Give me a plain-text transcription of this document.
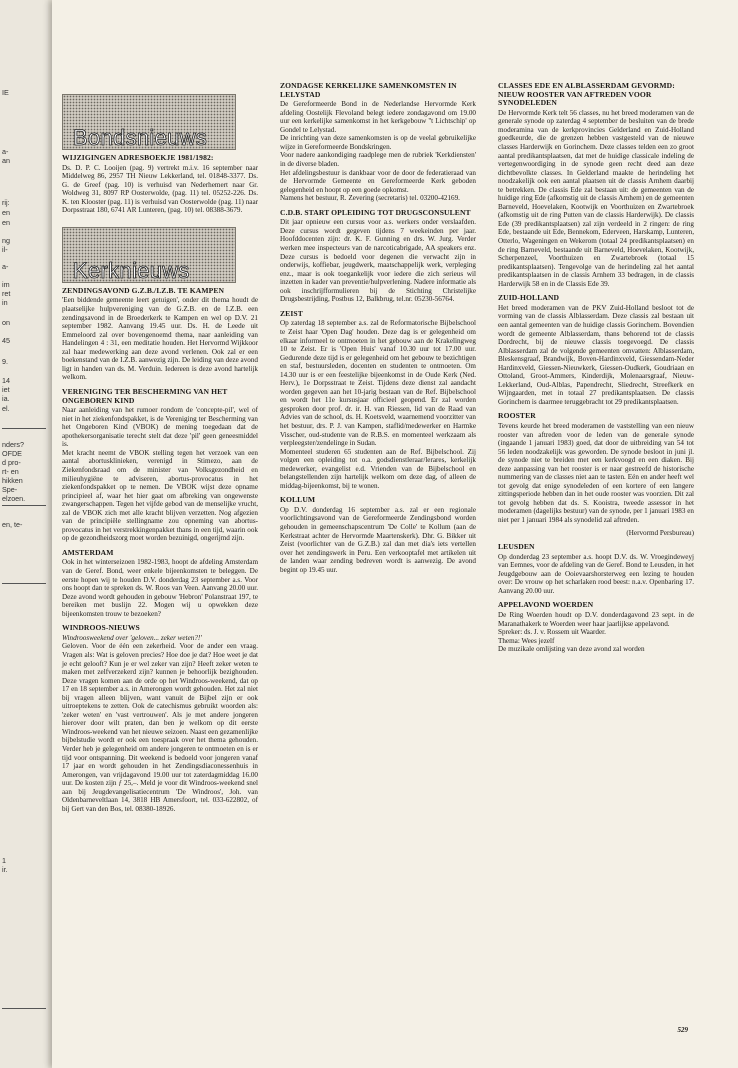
IE
a-
an
rij:
en
en
ng
il-
a-
im
ret
in
on
45
9.
14
iet
ia.
el.
nders?
OFDE
d pro-
rt- en
hikken
Spe-
elzoen.
en, te-
1
ir.
Bondsnieuws
WIJZIGINGEN ADRESBOEKJE 1981/1982:

Ds. D. P. C. Looijen (pag. 9) vertrekt m.i.v. 16 september naar Middelweg 86, 2957 TH Nieuw Lekkerland, tel. 01848-3377. Ds. G. de Greef (pag. 10) is verhuisd van Nederhemert naar Gr. Woldweg 31, 8097 RP Oosterwolde, (pag. 11) tel. 05252-226. Ds. K. ten Klooster (pag. 11) is verhuisd van Oosterwolde (pag. 11) naar Dorpsstraat 180, 6741 AR Lunteren, (pag. 10) tel. 08388-3679.

Kerknieuws
ZENDINGSAVOND G.Z.B./I.Z.B. TE KAMPEN

'Een biddende gemeente leert getuigen', onder dit thema houdt de plaatselijke hulpvereniging van de G.Z.B. en de I.Z.B. een zendingsavond in de Broederkerk te Kampen en wel op D.V. 21 september 1982. Aanvang 19.45 uur. Ds. H. de Leede uit Emmeloord zal over bovengenoemd thema, naar aanleiding van Handelingen 4 : 31, een meditatie houden. Het Hervormd Wijkkoor zal haar medewerking aan deze avond verlenen. Ook zal er een boekenstand van de I.Z.B. aanwezig zijn. De leiding van deze avond ligt in handen van ds. M. Verduin. Iedereen is deze avond hartelijk welkom.

VERENIGING TER BESCHERMING VAN HET ONGEBOREN KIND

Naar aanleiding van het rumoer rondom de 'concepte-pil', wel of niet in het ziekenfondspakket, is de Vereniging ter Bescherming van het Ongeboren Kind (VBOK) de mening toegedaan dat de apothekersorganisatie terecht stelt dat deze 'pil' geen geneesmiddel is.

Met kracht neemt de VBOK stelling tegen het verzoek van een aantal abortusklinieken, verenigd in Stimezo, aan de Ziekenfondsraad om de minister van Volksgezondheid en milieuhygiëne te adviseren, abortus-provocatus in het ziekenfondspakket op te nemen. De VBOK wijst deze opname principieel af, waar het hier gaat om afbreking van ongewenste zwangerschappen. Tegen het vijfde gebod van de menselijke vrucht, zal de VBOK zich met alle kracht blijven verzetten. Nog afgezien van de principiële stellingname zou opneming van abortus-provocatus in het verstrekkingenpakket thans in een tijd, waarin ook op de gezondheidszorg moet worden bezuinigd, ongerijmd zijn.

AMSTERDAM

Ook in het winterseizoen 1982-1983, hoopt de afdeling Amsterdam van de Geref. Bond, weer enkele bijeenkomsten te beleggen. De eerste hopen wij te houden D.V. donderdag 23 september a.s. Voor ons hoopt dan te spreken ds. W. Roos van Veen. Aanvang 20.00 uur. Deze avond wordt gehouden in gebouw 'Hebron' Polanstraat 197, te bereiken met buslijn 22. Mogen wij u opwekken deze bijeenkomsten trouw te bezoeken?

WINDROOS-NIEUWS

Windroosweekend over 'geloven... zeker weten?!'

Geloven. Voor de één een zekerheid. Voor de ander een vraag. Vragen als: Wat is geloven precies? Hoe doe je dat? Hoe weet je dat je echt gelooft? Kun je er wel zeker van zijn? Heeft zeker weten te maken met zelfverzekerd zijn? kunnen je behoorlijk bezighouden. Deze vragen komen aan de orde op het Windroos-weekend, dat op 17 en 18 september a.s. in Amerongen wordt gehouden. Het zal niet bij vragen alleen blijven, want vanuit de Bijbel zijn er ook uitroeptekens te zetten. Ook de catechismus gebruikt woorden als: 'zeker weten' en 'vast vertrouwen'. Als je met andere jongeren hierover door wilt praten, dan ben je welkom op dit eerste Windroos-weekend van het nieuwe seizoen. Naast een gezamenlijke bijbelstudie wordt er ook een toespraak over het thema gehouden. Verder heb je gelegenheid om andere jongeren te ontmoeten en is er tijd voor ontspanning. Dit weekend is bedoeld voor jongeren vanaf 17 jaar en wordt gehouden in het Zendingsdiaconessenhuis in Amerongen, van vrijdagavond 19.00 uur tot zaterdagmiddag 16.00 uur. De kosten zijn ƒ 25,–. Meld je voor dit Windroos-weekend snel aan bij Jeugdevangelisatiecentrum 'De Windroos', Joh. van Oldenbarneveltlaan 14, 3818 HB Amersfoort, tel. 033-622802, of bij Gert van den Bos, tel. 08380-18926.

ZONDAGSE KERKELIJKE SAMENKOMSTEN IN LELYSTAD

De Gereformeerde Bond in de Nederlandse Hervormde Kerk afdeling Oostelijk Flevoland belegt iedere zondagavond om 19.00 uur een kerkelijke samenkomst in het kerkgebouw ''t Lichtschip' op Gondel te Lelystad.

De inrichting van deze samenkomsten is op de veelal gebruikelijke wijze in Gereformeerde Bondskringen.

Voor nadere aankondiging raadplege men de rubriek 'Kerkdiensten' in de diverse bladen.

Het afdelingsbestuur is dankbaar voor de door de federatieraad van de Hervormde Gemeente en Gereformeerde Kerk geboden gelegenheid en hoopt op een goede opkomst.

Namens het bestuur, R. Zevering (secretaris) tel. 03200-42169.

C.D.B. START OPLEIDING TOT DRUGSCONSULENT

Dit jaar opnieuw een cursus voor a.s. werkers onder verslaafden. Deze cursus wordt gegeven tijdens 7 weekeinden per jaar. Hoofddocenten zijn: dr. K. F. Gunning en drs. W. Jurg. Verder werken mee inspecteurs van de narcoticabrigade, AA speakers enz. Deze cursus is bedoeld voor degenen die verwacht zijn in onderwijs, koffiebar, jeugdwerk, maatschappelijk werk, verpleging enz., maar is ook toegankelijk voor iedere die zich serieus wil inzetten in kader van preventie/hulpverlening. Nadere informatie als ook inschrijfformulieren bij de Stichting Christelijke Drugsbestrijding, Postbus 12, Balkbrug, tel.nr. 05230-56764.

ZEIST

Op zaterdag 18 september a.s. zal de Reformatorische Bijbelschool te Zeist haar 'Open Dag' houden. Deze dag is er gelegenheid om elkaar informeel te ontmoeten in het gebouw aan de Krakelingweg 10 te Zeist. Er is 'Open Huis' vanaf 10.30 uur tot 17.00 uur. Gedurende deze tijd is er gelegenheid om het gebouw te bezichtigen en staf, bestuursleden, docenten en studenten te ontmoeten. Om 14.30 uur is er een feestelijke bijeenkomst in de Oude Kerk (Ned. Herv.), 1e Dorpsstraat te Zeist. Tijdens deze dienst zal aandacht worden gegeven aan het 10-jarig bestaan van de Ref. Bijbelschool en wordt het 11e kursusjaar officieel geopend. Er zal worden gesproken door prof. dr. ir. H. van Riessen, lid van de Raad van Advies van de school, ds. H. Koetsveld, waarnemend voorzitter van het bestuur, drs. P. J. van Kampen, staflid/medewerker en Harmke Visscher, oud-studente van de R.B.S. en momenteel werkzaam als verpleegster/zendelinge in Sudan.

Momenteel studeren 65 studenten aan de Ref. Bijbelschool. Zij volgen een opleiding tot o.a. godsdienstleraar/lerares, kerkelijk medewerker, evangelist e.d. Vrienden van de Bijbelschool en belangstellenden zijn hartelijk welkom om deze dag, of alleen de middag-bijeenkomst, bij te wonen.

KOLLUM

Op D.V. donderdag 16 september a.s. zal er een regionale voorlichtingsavond van de Gereformeerde Zendingsbond worden gehouden in gemeenschapscentrum 'De Colle' te Kollum (aan de Kerkstraat achter de Hervormde Maartenskerk). Dhr. G. Bikker uit Zeist (voorlichter van de G.Z.B.) zal dan met dia's iets vertellen over het zendingswerk in Peru. Een verkooptafel met artikelen uit de landen waar zending bedreven wordt is aanwezig. De avond begint op 19.45 uur.

CLASSES EDE EN ALBLASSERDAM GEVORMD: NIEUW ROOSTER VAN AFTREDEN VOOR SYNODELEDEN

De Hervormde Kerk telt 56 classes, nu het breed moderamen van de generale synode op zaterdag 4 september de besluiten van de brede moderamina van de kerkprovincies Gelderland en Zuid-Holland goedkeurde, die de grenzen hebben vastgesteld van de nieuwe classes Harderwijk en Gorinchem. Deze classes telden een zo groot aantal predikantsplaatsen, dat met de huidige classicale indeling de vertegenwoordiging in de synode geen recht deed aan deze dichtbevolkte classes. In Gelderland maakte de herindeling het noodzakelijk ook een aantal plaatsen uit de classis Arnhem daarbij te betrekken. De classis Ede zal bestaan uit: de gemeenten van de huidige ring Ede (afkomstig uit de classis Arnhem) en de gemeenten Barneveld, Hoevelaken, Kootwijk en Voorthuizen en Zwartebroek (afkomstig uit de ring Putten van de classis Harderwijk). De classis Ede (39 predikantsplaatsen) zal zijn verdeeld in 2 ringen: de ring Ede, bestaande uit Ede, Bennekom, Ederveen, Harskamp, Lunteren, Otterlo, Wageningen en Wekerom (totaal 24 predikantsplaatsen) en de ring Barneveld, bestaande uit Barneveld, Hoevelaken, Kootwijk, Scherpenzeel, Voorthuizen en Zwartebroek (totaal 15 predikantsplaatsen). Tengevolge van de herindeling zal het aantal predikantsplaatsen in de classis Arnhem 33 bedragen, in de classis Harderwijk 58 en in de Classis Ede 39.

ZUID-HOLLAND

Het breed moderamen van de PKV Zuid-Holland besloot tot de vorming van de classis Alblasserdam. Deze classis zal bestaan uit een aantal gemeenten van de huidige classis Gorinchem. Bovendien wordt de gemeente Alblasserdam, thans behorend tot de classis Dordrecht, bij de nieuwe classis toegevoegd. De classis Alblasserdam zal de volgende gemeenten omvatten: Alblasserdam, Bleskensgraaf, Brandwijk, Boven-Hardinxveld, Giessendam-Neder Hardinxveld, Giessen-Nieuwkerk, Giessen-Oudkerk, Goudriaan en Ottoland, Groot-Ammers, Kinderdijk, Molenaarsgraaf, Nieuw-Lekkerland, Oud-Alblas, Papendrecht, Sliedrecht, Streefkerk en Wijngaarden, met in totaal 27 predikantsplaatsen. De classis Gorinchem is daarmee teruggebracht tot 29 predikantsplaatsen.

ROOSTER

Tevens keurde het breed moderamen de vaststelling van een nieuw rooster van aftreden voor de leden van de generale synode (ingaande 1 januari 1983) goed, dat door de uitbreiding van 54 tot 56 leden noodzakelijk was geworden. De synode besloot in juni jl. de synode niet te breiden met een kerkvoogd en een diaken. Bij deze aanpassing van het rooster is er naar gestreefd de historische nummering van de classes niet aan te tasten. Eén en ander heeft wel tot gevolg dat enige synodeleden of een kortere of een langere zittingsperiode hebben dan in het oude rooster was voorzien. Dit zal tot gevolg hebben dat ds. S. Kooistra, tweede assessor in het moderamen (dagelijks bestuur) van de synode, per 1 januari 1983 en niet per 1 januari 1984 als synodelid zal aftreden.

(Hervormd Persbureau)

LEUSDEN

Op donderdag 23 september a.s. hoopt D.V. ds. W. Vroegindeweyj van Eemnes, voor de afdeling van de Geref. Bond te Leusden, in het Jeugdgebouw aan de Ooievaarshorsterweg een lezing te houden over: De vrouw op het scharlaken rood beest: n.a.v. Openbaring 17. Aanvang 20.00 uur.

APPELAVOND WOERDEN

De Ring Woerden houdt op D.V. donderdagavond 23 sept. in de Maranathakerk te Woerden weer haar jaarlijkse appelavond.

Spreker: ds. J. v. Rossem uit Waarder.

Thema: Wees jezelf

De muzikale omlijsting van deze avond zal worden

529
